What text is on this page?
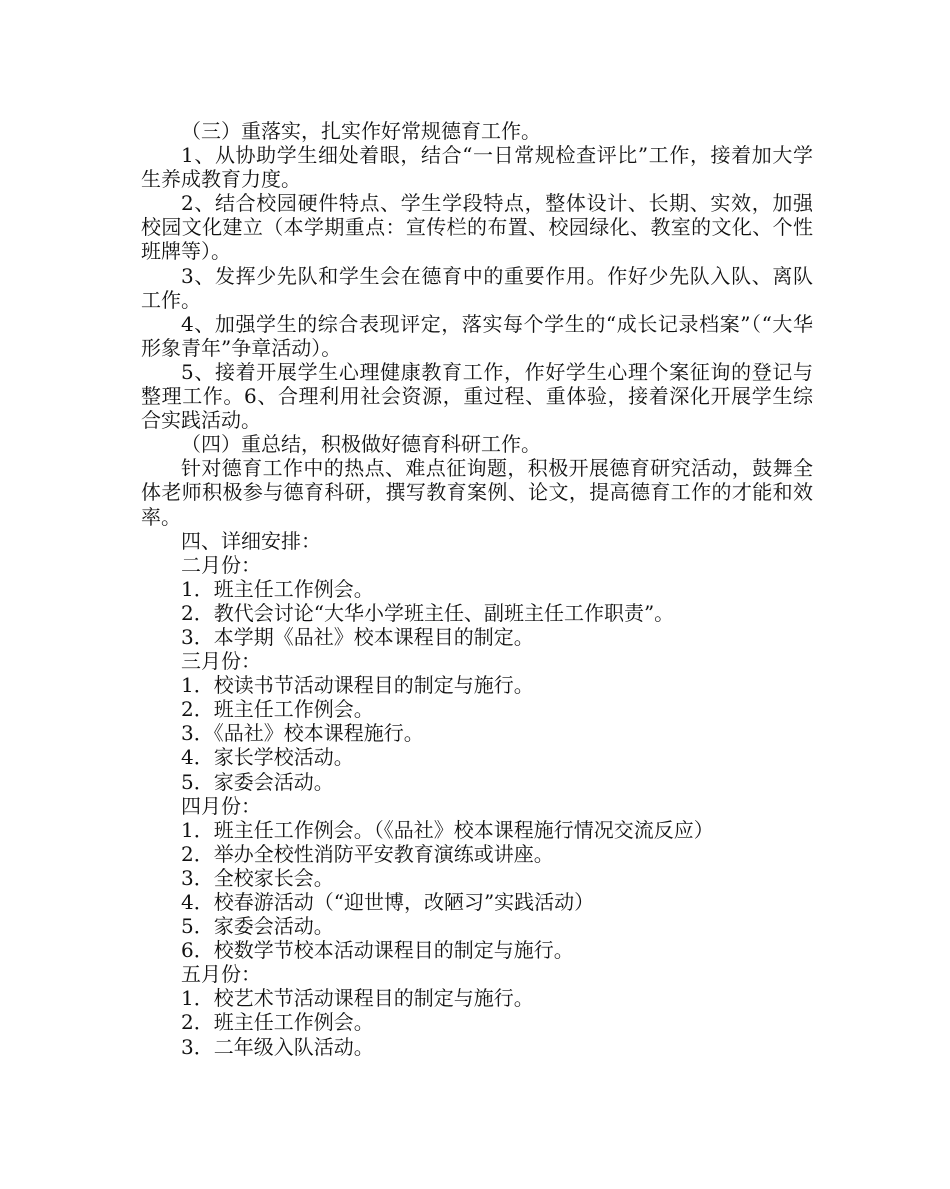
（三）重落实，扎实作好常规德育工作。

1、从协助学生细处着眼，结合“一日常规检查评比”工作，接着加大学生养成教育力度。

2、结合校园硬件特点、学生学段特点，整体设计、长期、实效，加强校园文化建立（本学期重点：宣传栏的布置、校园绿化、教室的文化、个性班牌等）。

3、发挥少先队和学生会在德育中的重要作用。作好少先队入队、离队工作。

4、加强学生的综合表现评定，落实每个学生的“成长记录档案”（“大华形象青年”争章活动）。

5、接着开展学生心理健康教育工作，作好学生心理个案征询的登记与整理工作。6、合理利用社会资源，重过程、重体验，接着深化开展学生综合实践活动。

（四）重总结，积极做好德育科研工作。

针对德育工作中的热点、难点征询题，积极开展德育研究活动，鼓舞全体老师积极参与德育科研，撰写教育案例、论文，提高德育工作的才能和效率。

四、详细安排：

二月份：

1．班主任工作例会。

2．教代会讨论“大华小学班主任、副班主任工作职责”。

3．本学期《品社》校本课程目的制定。

三月份：

1．校读书节活动课程目的制定与施行。

2．班主任工作例会。

3．《品社》校本课程施行。

4．家长学校活动。

5．家委会活动。

四月份：

1．班主任工作例会。（《品社》校本课程施行情况交流反应）

2．举办全校性消防平安教育演练或讲座。

3．全校家长会。

4．校春游活动（“迎世博，改陋习”实践活动）

5．家委会活动。

6．校数学节校本活动课程目的制定与施行。

五月份：

1．校艺术节活动课程目的制定与施行。

2．班主任工作例会。

3．二年级入队活动。
